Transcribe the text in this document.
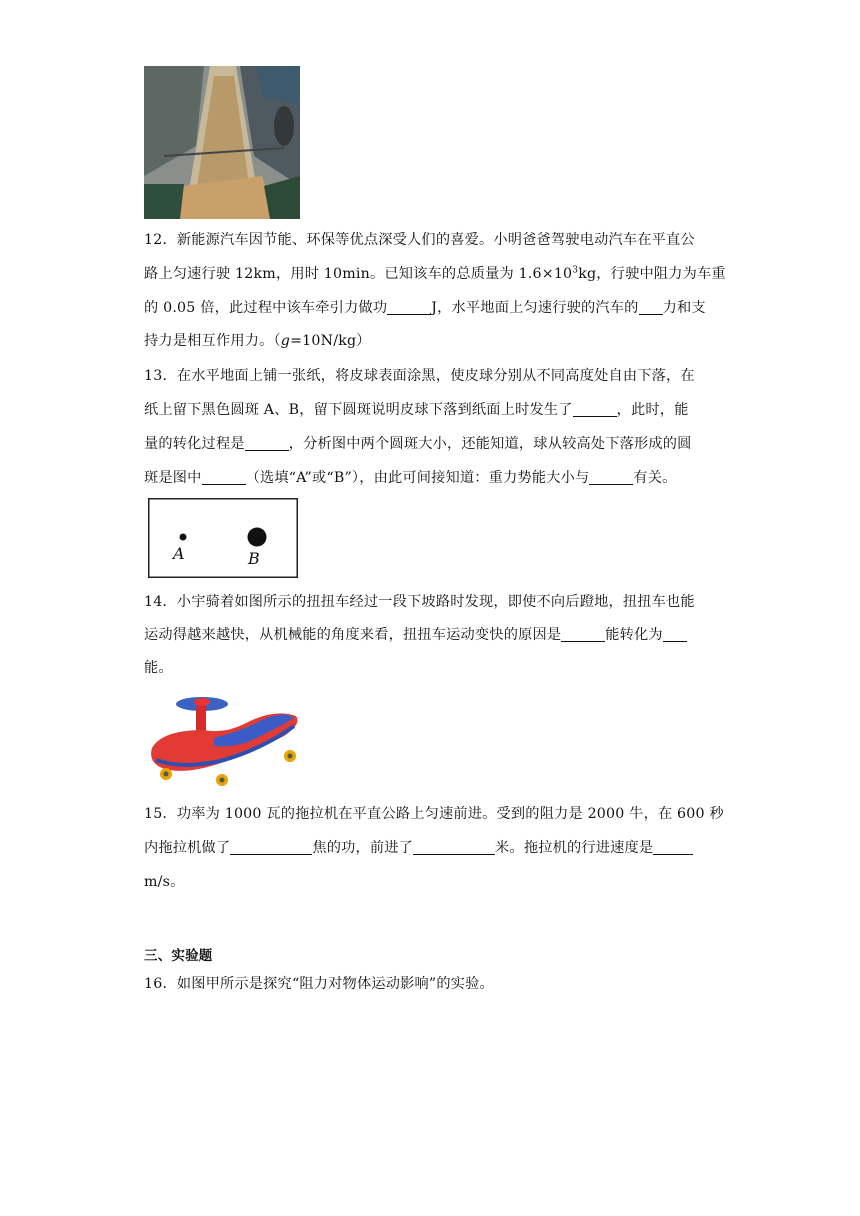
12．新能源汽车因节能、环保等优点深受人们的喜爱。小明爸爸驾驶电动汽车在平直公
路上匀速行驶 12km，用时 10min。已知该车的总质量为 $1.6\times 10^3kg$，行驶中阻力为车重
的 0.05 倍，此过程中该车牵引力做功	J，水平地面上匀速行驶的汽车的 力和支
持力是相互作用力。（g=10N/kg）
13．在水平地面上铺一张纸，将皮球表面涂黑，使皮球分别从不同高度处自由下落，在
纸上留下黑色圆斑 A、B，留下圆斑说明皮球下落到纸面上时发生了	，此时，能
量的转化过程是	，分析图中两个圆斑大小，还能知道，球从较高处下落形成的圆
斑是图中	（选填“A”或“B”），由此可间接知道：重力势能大小与	有关。
A	B
14．小宇骑着如图所示的扭扭车经过一段下坡路时发现，即使不向后蹬地，扭扭车也能
运动得越来越快，从机械能的角度来看，扭扭车运动变快的原因是	能转化为
能。
15．功率为 1000 瓦的拖拉机在平直公路上匀速前进。受到的阻力是 2000 牛，在 600 秒
内拖拉机做了	焦的功，前进了	米。拖拉机的行进速度是
m/s。
三、实验题
16．如图甲所示是探究“阻力对物体运动影响”的实验。
